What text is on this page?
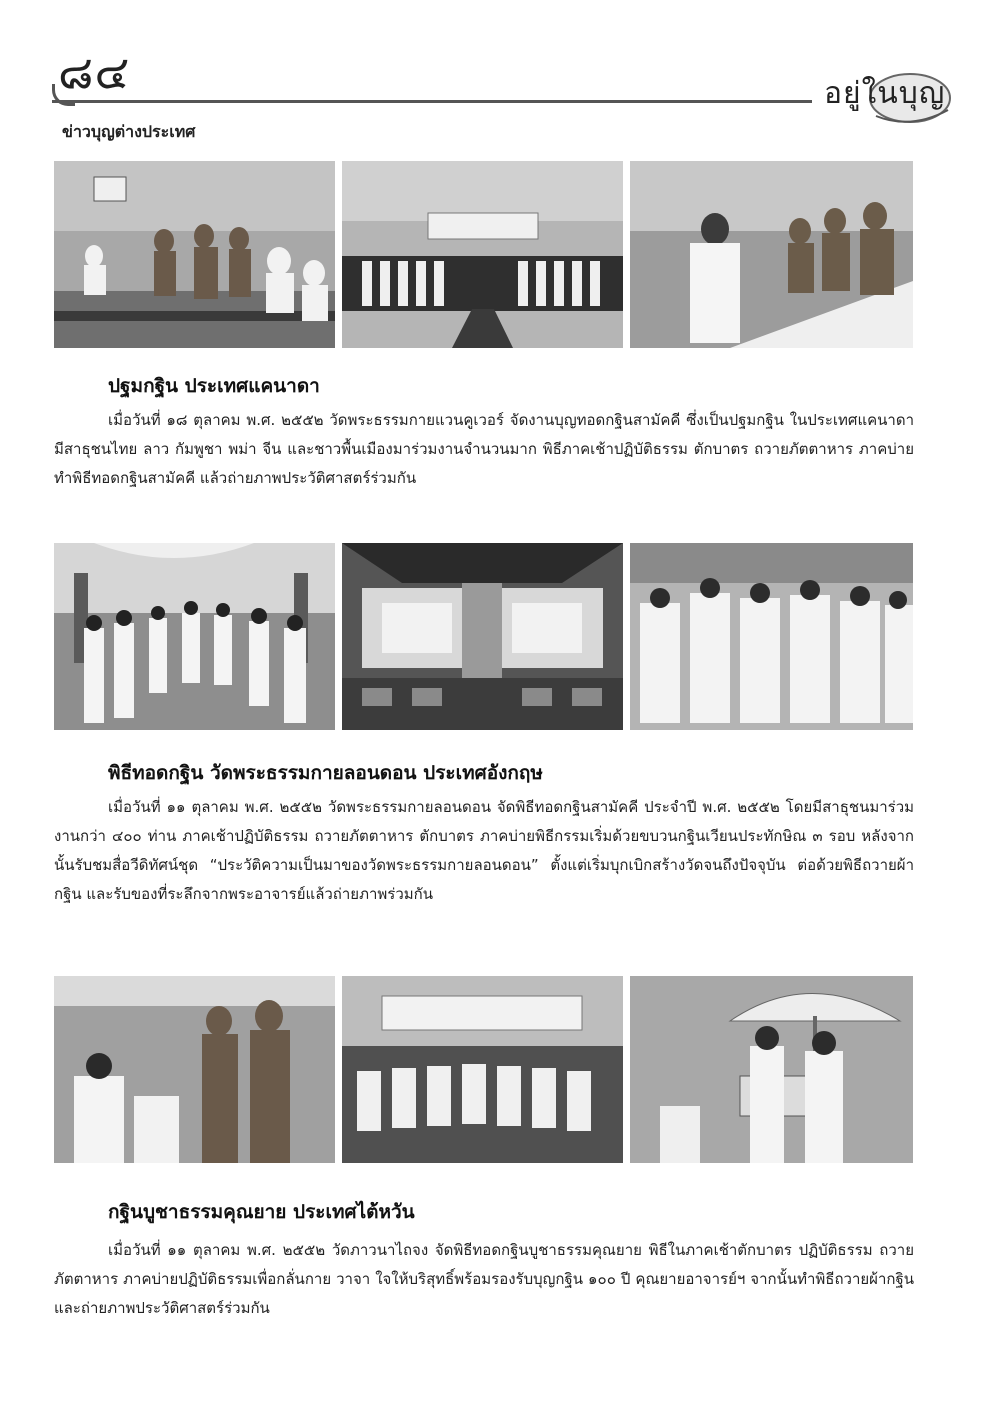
๘๔	อยู่ในบุญ
ข่าวบุญต่างประเทศ
ปฐมกฐิน ประเทศแคนาดา
เมื่อวันที่ ๑๘ ตุลาคม พ.ศ. ๒๕๕๒ วัดพระธรรมกายแวนคูเวอร์ จัดงานบุญทอดกฐินสามัคคี ซึ่งเป็นปฐมกฐิน ในประเทศแคนาดา มีสาธุชนไทย ลาว กัมพูชา พม่า จีน และชาวพื้นเมืองมาร่วมงานจำนวนมาก พิธีภาคเช้าปฏิบัติธรรม ตักบาตร ถวายภัตตาหาร ภาคบ่ายทำพิธีทอดกฐินสามัคคี แล้วถ่ายภาพประวัติศาสตร์ร่วมกัน
พิธีทอดกฐิน วัดพระธรรมกายลอนดอน ประเทศอังกฤษ
เมื่อวันที่ ๑๑ ตุลาคม พ.ศ. ๒๕๕๒ วัดพระธรรมกายลอนดอน จัดพิธีทอดกฐินสามัคคี ประจำปี พ.ศ. ๒๕๕๒ โดยมีสาธุชนมาร่วมงานกว่า ๔๐๐ ท่าน ภาคเช้าปฏิบัติธรรม ถวายภัตตาหาร ตักบาตร ภาคบ่ายพิธีกรรมเริ่มด้วยขบวนกฐินเวียนประทักษิณ ๓ รอบ หลังจากนั้นรับชมสื่อวีดิทัศน์ชุด “ประวัติความเป็นมาของวัดพระธรรมกายลอนดอน” ตั้งแต่เริ่มบุกเบิกสร้างวัดจนถึงปัจจุบัน ต่อด้วยพิธีถวายผ้ากฐิน และรับของที่ระลึกจากพระอาจารย์แล้วถ่ายภาพร่วมกัน
กฐินบูชาธรรมคุณยาย ประเทศไต้หวัน
เมื่อวันที่ ๑๑ ตุลาคม พ.ศ. ๒๕๕๒ วัดภาวนาไถจง จัดพิธีทอดกฐินบูชาธรรมคุณยาย พิธีในภาคเช้าตักบาตร ปฏิบัติธรรม ถวายภัตตาหาร ภาคบ่ายปฏิบัติธรรมเพื่อกลั่นกาย วาจา ใจให้บริสุทธิ์พร้อมรองรับบุญกฐิน ๑๐๐ ปี คุณยายอาจารย์ฯ จากนั้นทำพิธีถวายผ้ากฐิน และถ่ายภาพประวัติศาสตร์ร่วมกัน
